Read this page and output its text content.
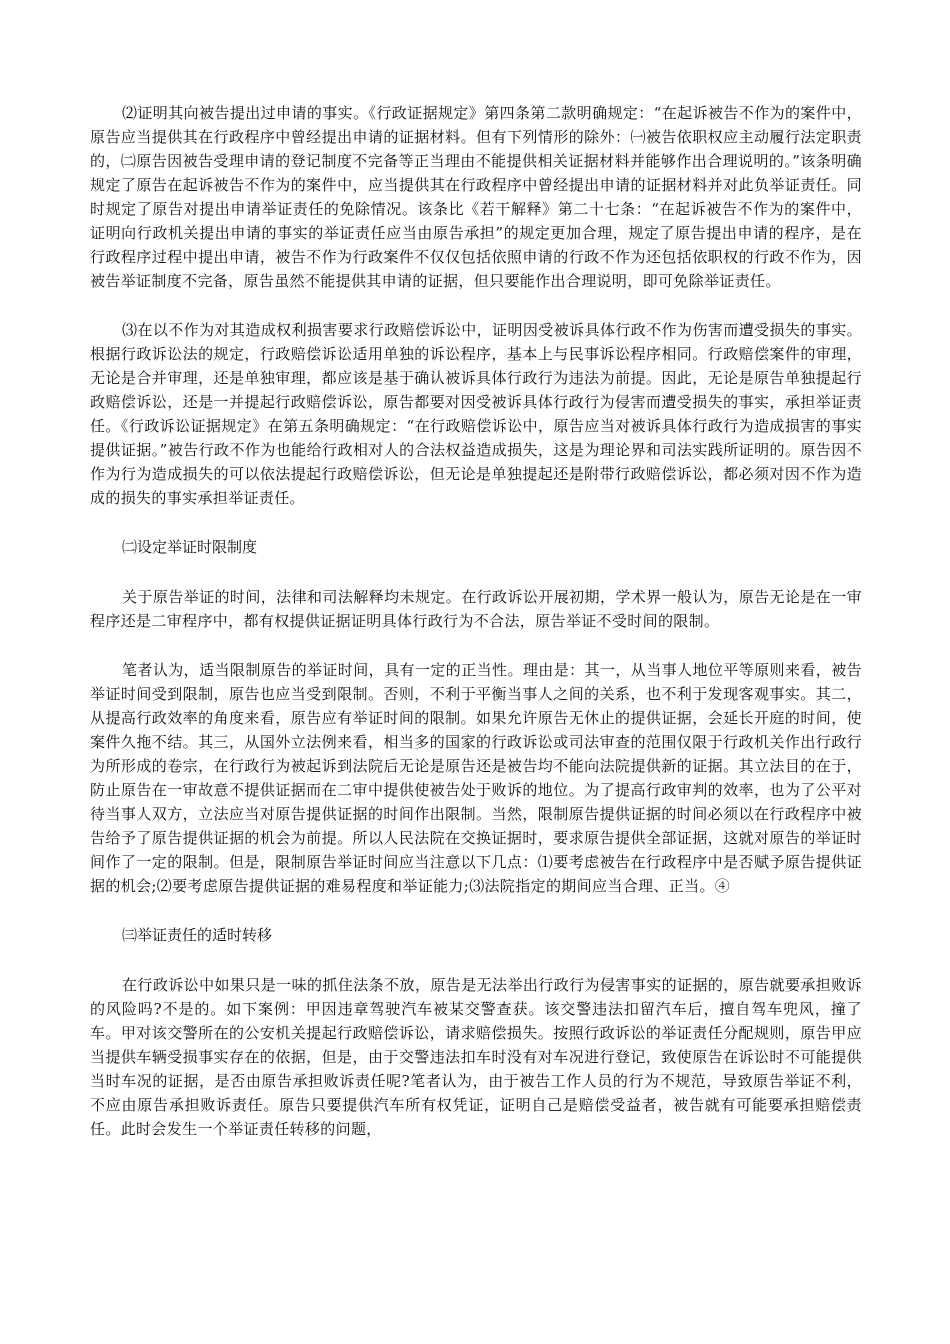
⑵证明其向被告提出过申请的事实。《行政证据规定》第四条第二款明确规定：“在起诉被告不作为的案件中，原告应当提供其在行政程序中曾经提出申请的证据材料。但有下列情形的除外：㈠被告依职权应主动履行法定职责的，㈡原告因被告受理申请的登记制度不完备等正当理由不能提供相关证据材料并能够作出合理说明的。”该条明确规定了原告在起诉被告不作为的案件中，应当提供其在行政程序中曾经提出申请的证据材料并对此负举证责任。同时规定了原告对提出申请举证责任的免除情况。该条比《若干解释》第二十七条：“在起诉被告不作为的案件中，证明向行政机关提出申请的事实的举证责任应当由原告承担”的规定更加合理，规定了原告提出申请的程序，是在行政程序过程中提出申请，被告不作为行政案件不仅仅包括依照申请的行政不作为还包括依职权的行政不作为，因被告举证制度不完备，原告虽然不能提供其申请的证据，但只要能作出合理说明，即可免除举证责任。

⑶在以不作为对其造成权利损害要求行政赔偿诉讼中，证明因受被诉具体行政不作为伤害而遭受损失的事实。根据行政诉讼法的规定，行政赔偿诉讼适用单独的诉讼程序，基本上与民事诉讼程序相同。行政赔偿案件的审理，无论是合并审理，还是单独审理，都应该是基于确认被诉具体行政行为违法为前提。因此，无论是原告单独提起行政赔偿诉讼，还是一并提起行政赔偿诉讼，原告都要对因受被诉具体行政行为侵害而遭受损失的事实，承担举证责任。《行政诉讼证据规定》在第五条明确规定：“在行政赔偿诉讼中，原告应当对被诉具体行政行为造成损害的事实提供证据。”被告行政不作为也能给行政相对人的合法权益造成损失，这是为理论界和司法实践所证明的。原告因不作为行为造成损失的可以依法提起行政赔偿诉讼，但无论是单独提起还是附带行政赔偿诉讼，都必须对因不作为造成的损失的事实承担举证责任。

㈡设定举证时限制度

关于原告举证的时间，法律和司法解释均未规定。在行政诉讼开展初期，学术界一般认为，原告无论是在一审程序还是二审程序中，都有权提供证据证明具体行政行为不合法，原告举证不受时间的限制。

笔者认为，适当限制原告的举证时间，具有一定的正当性。理由是：其一，从当事人地位平等原则来看，被告举证时间受到限制，原告也应当受到限制。否则，不利于平衡当事人之间的关系，也不利于发现客观事实。其二，从提高行政效率的角度来看，原告应有举证时间的限制。如果允许原告无休止的提供证据，会延长开庭的时间，使案件久拖不结。其三，从国外立法例来看，相当多的国家的行政诉讼或司法审查的范围仅限于行政机关作出行政行为所形成的卷宗，在行政行为被起诉到法院后无论是原告还是被告均不能向法院提供新的证据。其立法目的在于，防止原告在一审故意不提供证据而在二审中提供使被告处于败诉的地位。为了提高行政审判的效率，也为了公平对待当事人双方，立法应当对原告提供证据的时间作出限制。当然，限制原告提供证据的时间必须以在行政程序中被告给予了原告提供证据的机会为前提。所以人民法院在交换证据时，要求原告提供全部证据，这就对原告的举证时间作了一定的限制。但是，限制原告举证时间应当注意以下几点：⑴要考虑被告在行政程序中是否赋予原告提供证据的机会;⑵要考虑原告提供证据的难易程度和举证能力;⑶法院指定的期间应当合理、正当。④

㈢举证责任的适时转移

在行政诉讼中如果只是一味的抓住法条不放，原告是无法举出行政行为侵害事实的证据的，原告就要承担败诉的风险吗?不是的。如下案例：甲因违章驾驶汽车被某交警查获。该交警违法扣留汽车后，擅自驾车兜风，撞了车。甲对该交警所在的公安机关提起行政赔偿诉讼，请求赔偿损失。按照行政诉讼的举证责任分配规则，原告甲应当提供车辆受损事实存在的依据，但是，由于交警违法扣车时没有对车况进行登记，致使原告在诉讼时不可能提供当时车况的证据，是否由原告承担败诉责任呢?笔者认为，由于被告工作人员的行为不规范，导致原告举证不利，不应由原告承担败诉责任。原告只要提供汽车所有权凭证，证明自己是赔偿受益者，被告就有可能要承担赔偿责任。此时会发生一个举证责任转移的问题，
